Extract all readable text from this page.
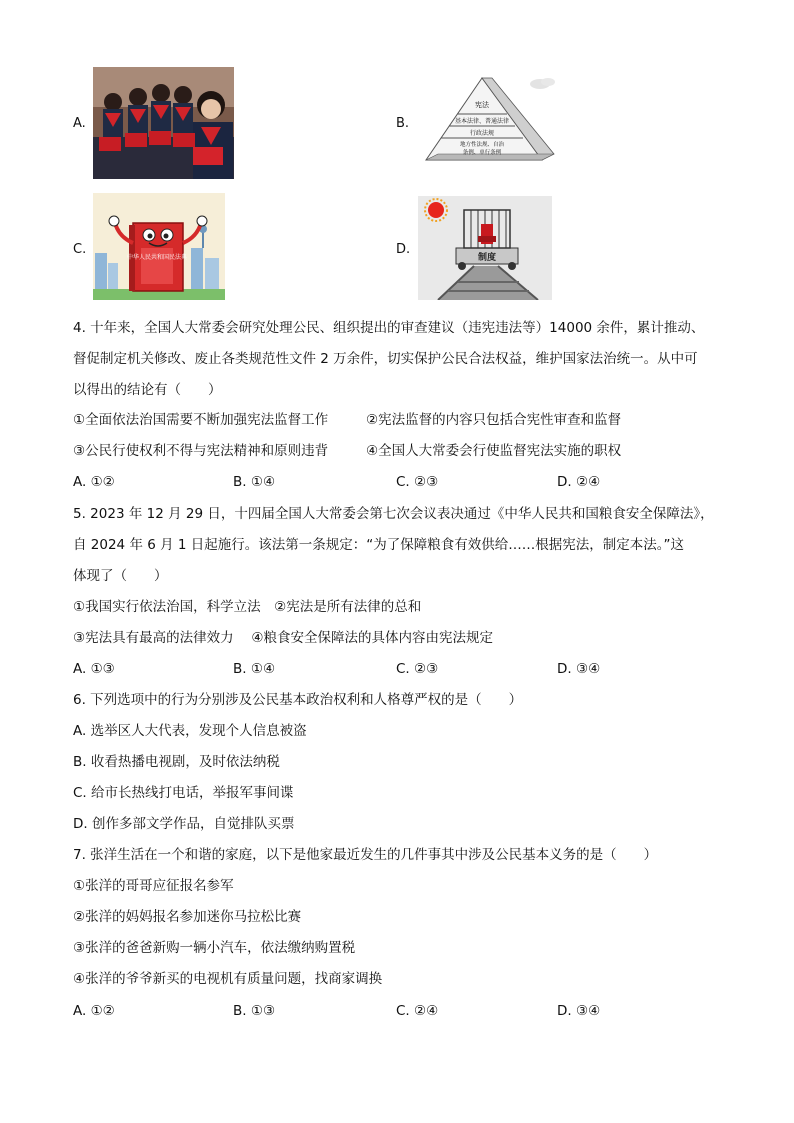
A.	B.
宪法
基本法律、普通法律
行政法规
地方性法规、自治
条例、单行条例
C.
中华人民共和国民法典
D.
制度
4. 十年来，全国人大常委会研究处理公民、组织提出的审查建议（违宪违法等）14000 余件，累计推动、
督促制定机关修改、废止各类规范性文件 2 万余件，切实保护公民合法权益，维护国家法治统一。从中可
以得出的结论有（　　）
①全面依法治国需要不断加强宪法监督工作	②宪法监督的内容只包括合宪性审查和监督
③公民行使权利不得与宪法精神和原则违背	④全国人大常委会行使监督宪法实施的职权
A. ①②	B. ①④	C. ②③	D. ②④
5. 2023 年 12 月 29 日，十四届全国人大常委会第七次会议表决通过《中华人民共和国粮食安全保障法》，
自 2024 年 6 月 1 日起施行。该法第一条规定：“为了保障粮食有效供给……根据宪法，制定本法。”这
体现了（　　）
①我国实行依法治国，科学立法　②宪法是所有法律的总和
③宪法具有最高的法律效力　 ④粮食安全保障法的具体内容由宪法规定
A. ①③	B. ①④	C. ②③	D. ③④
6. 下列选项中的行为分别涉及公民基本政治权利和人格尊严权的是（　　）
A. 选举区人大代表，发现个人信息被盗
B. 收看热播电视剧，及时依法纳税
C. 给市长热线打电话，举报军事间谍
D. 创作多部文学作品，自觉排队买票
7. 张洋生活在一个和谐的家庭，以下是他家最近发生的几件事其中涉及公民基本义务的是（　　）
①张洋的哥哥应征报名参军
②张洋的妈妈报名参加迷你马拉松比赛
③张洋的爸爸新购一辆小汽车，依法缴纳购置税
④张洋的爷爷新买的电视机有质量问题，找商家调换
A. ①②	B. ①③	C. ②④	D. ③④
